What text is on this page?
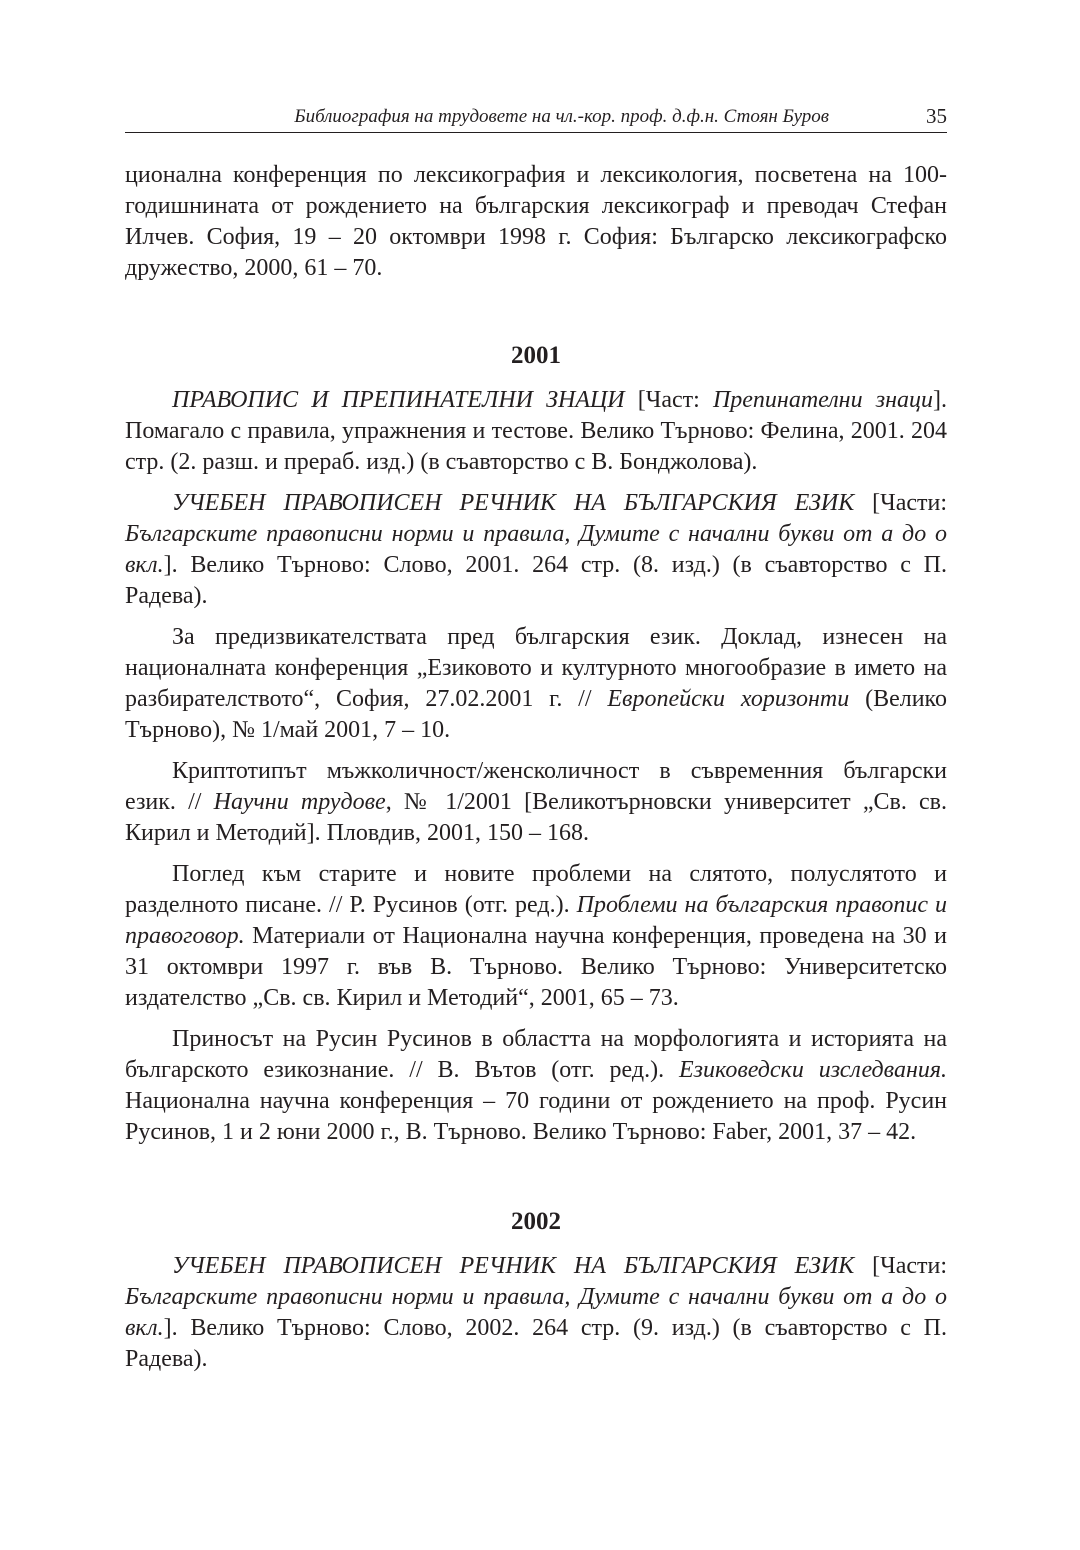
Библиография на трудовете на чл.-кор. проф. д.ф.н. Стоян Буров	35

ционална конференция по лексикография и лексикология, посветена на 100-годишнината от рождението на българския лексикограф и преводач Стефан Илчев. София, 19 – 20 октомври 1998 г. София: Българско лексикографско дружество, 2000, 61 – 70.

2001

ПРАВОПИС И ПРЕПИНАТЕЛНИ ЗНАЦИ [Част: Препинателни знаци]. Помагало с правила, упражнения и тестове. Велико Търново: Фелина, 2001. 204 стр. (2. разш. и прераб. изд.) (в съавторство с В. Бонджолова).

УЧЕБЕН ПРАВОПИСЕН РЕЧНИК НА БЪЛГАРСКИЯ ЕЗИК [Части: Българските правописни норми и правила, Думите с начални букви от а до о вкл.]. Велико Търново: Слово, 2001. 264 стр. (8. изд.) (в съавторство с П. Радева).

За предизвикателствата пред българския език. Доклад, изнесен на националната конференция „Езиковото и културното многообразие в името на разбирателството“, София, 27.02.2001 г. // Европейски хоризонти (Велико Търново), № 1/май 2001, 7 – 10.

Криптотипът мъжколичност/женсколичност в съвременния български език. // Научни трудове, № 1/2001 [Великотърновски университет „Св. св. Кирил и Методий]. Пловдив, 2001, 150 – 168.

Поглед към старите и новите проблеми на слятото, полуслятото и разделното писане. // Р. Русинов (отг. ред.). Проблеми на българския правопис и правоговор. Материали от Национална научна конференция, проведена на 30 и 31 октомври 1997 г. във В. Търново. Велико Търново: Университетско издателство „Св. св. Кирил и Методий“, 2001, 65 – 73.

Приносът на Русин Русинов в областта на морфологията и историята на българското езикознание. // В. Вътов (отг. ред.). Езиковедски изследвания. Национална научна конференция – 70 години от рождението на проф. Русин Русинов, 1 и 2 юни 2000 г., В. Търново. Велико Търново: Faber, 2001, 37 – 42.

2002

УЧЕБЕН ПРАВОПИСЕН РЕЧНИК НА БЪЛГАРСКИЯ ЕЗИК [Части: Българските правописни норми и правила, Думите с начални букви от а до о вкл.]. Велико Търново: Слово, 2002. 264 стр. (9. изд.) (в съавторство с П. Радева).
